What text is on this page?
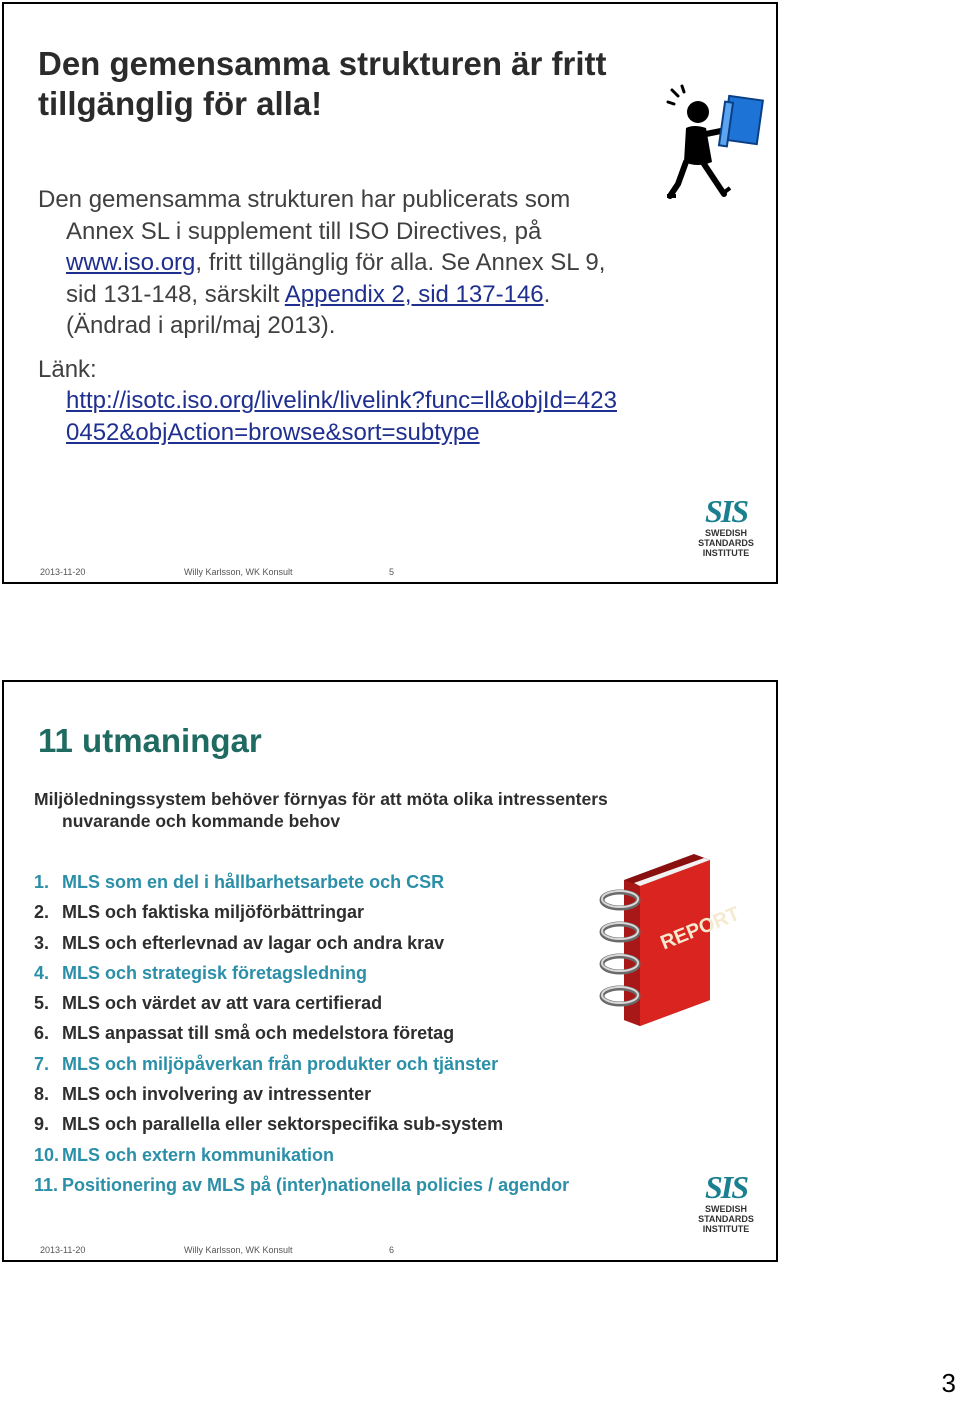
Den gemensamma strukturen är fritt tillgänglig för alla!
Den gemensamma strukturen har publicerats som
Annex SL i supplement till ISO Directives, på
www.iso.org, fritt tillgänglig för alla. Se Annex SL 9,
sid 131-148, särskilt Appendix 2, sid 137-146.
(Ändrad i april/maj 2013).
Länk:
http://isotc.iso.org/livelink/livelink?func=ll&objId=423
0452&objAction=browse&sort=subtype
2013-11-20	Willy Karlsson, WK Konsult	5
SIS
SWEDISH
STANDARDS
INSTITUTE
11 utmaningar
Miljöledningssystem behöver förnyas för att möta olika intressenters
nuvarande och kommande behov
1. MLS som en del i hållbarhetsarbete och CSR
2. MLS och faktiska miljöförbättringar
3. MLS och efterlevnad av lagar och andra krav
4. MLS och strategisk företagsledning
5. MLS och värdet av att vara certifierad
6. MLS anpassat till små och medelstora företag
7. MLS och miljöpåverkan från produkter och tjänster
8. MLS och involvering av intressenter
9. MLS och parallella eller sektorspecifika sub-system
10. MLS och extern kommunikation
11. Positionering av MLS på (inter)nationella policies / agendor
REPORT
2013-11-20	Willy Karlsson, WK Konsult	6
SIS
SWEDISH
STANDARDS
INSTITUTE
3
